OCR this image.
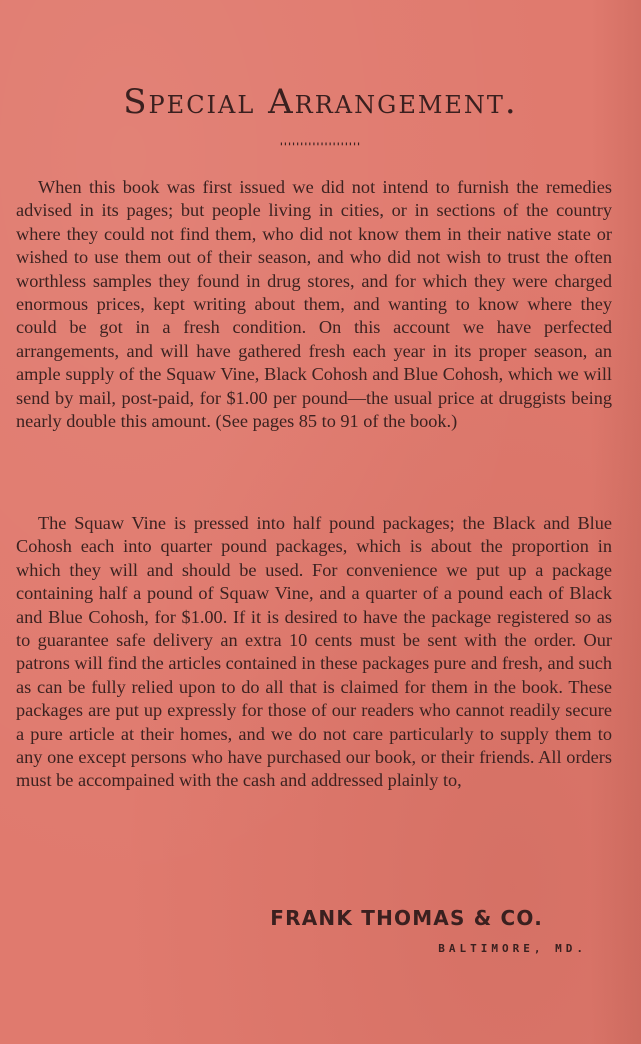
Special Arrangement.
''''''''''''''''''''

When this book was first issued we did not intend to furnish the remedies advised in its pages; but people living in cities, or in sections of the country where they could not find them, who did not know them in their native state or wished to use them out of their season, and who did not wish to trust the often worthless samples they found in drug stores, and for which they were charged enormous prices, kept writing about them, and wanting to know where they could be got in a fresh condition. On this account we have perfected arrangements, and will have gathered fresh each year in its proper season, an ample supply of the Squaw Vine, Black Cohosh and Blue Cohosh, which we will send by mail, post-paid, for $1.00 per pound—the usual price at druggists being nearly double this amount. (See pages 85 to 91 of the book.)

The Squaw Vine is pressed into half pound packages; the Black and Blue Cohosh each into quarter pound packages, which is about the proportion in which they will and should be used. For convenience we put up a package containing half a pound of Squaw Vine, and a quarter of a pound each of Black and Blue Cohosh, for $1.00. If it is desired to have the package registered so as to guarantee safe delivery an extra 10 cents must be sent with the order. Our patrons will find the articles contained in these packages pure and fresh, and such as can be fully relied upon to do all that is claimed for them in the book. These packages are put up expressly for those of our readers who cannot readily secure a pure article at their homes, and we do not care particularly to supply them to any one except persons who have purchased our book, or their friends. All orders must be accompained with the cash and addressed plainly to,

FRANK THOMAS & CO.
BALTIMORE, MD.
